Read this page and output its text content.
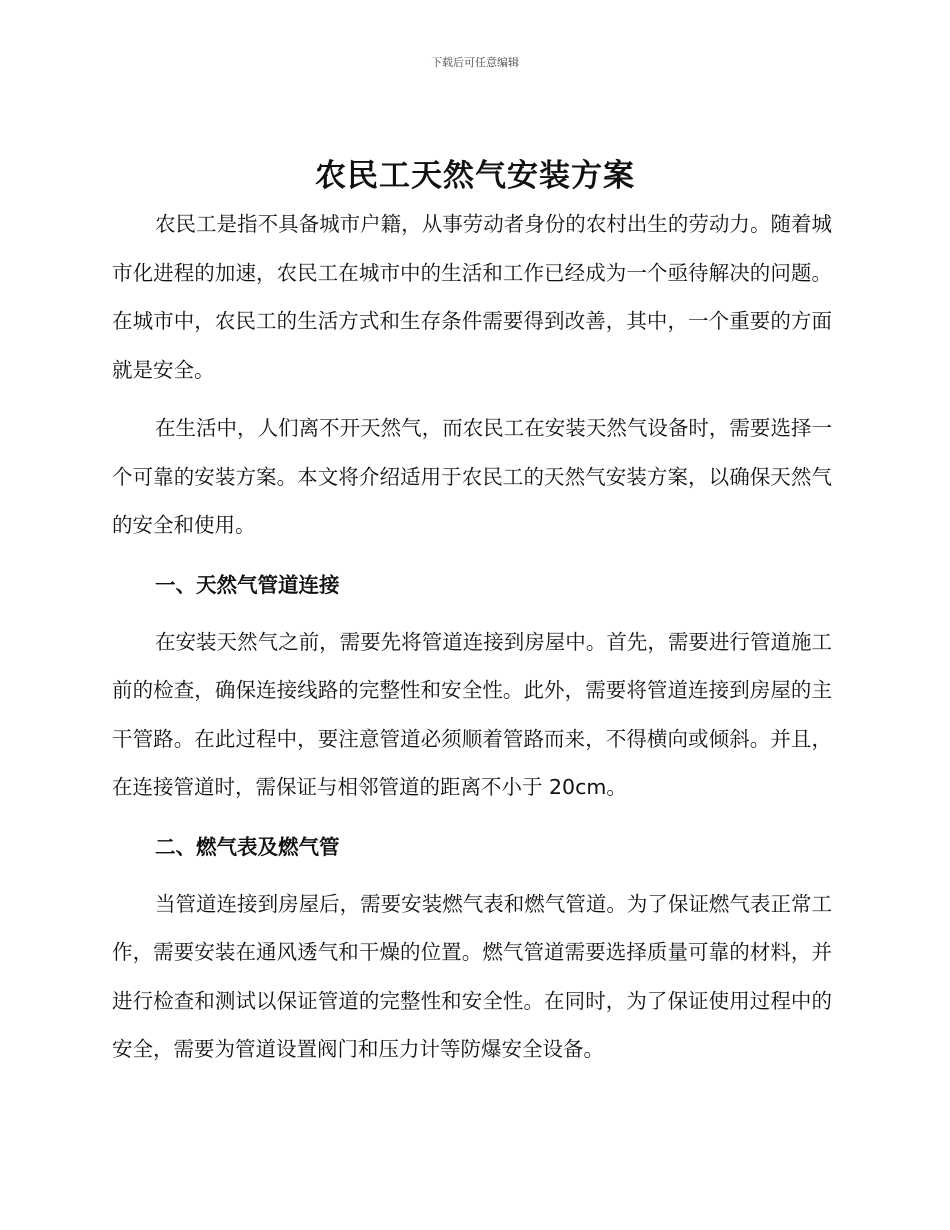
下载后可任意编辑
农民工天然气安装方案

农民工是指不具备城市户籍，从事劳动者身份的农村出生的劳动力。随着城市化进程的加速，农民工在城市中的生活和工作已经成为一个亟待解决的问题。在城市中，农民工的生活方式和生存条件需要得到改善，其中，一个重要的方面就是安全。

在生活中，人们离不开天然气，而农民工在安装天然气设备时，需要选择一个可靠的安装方案。本文将介绍适用于农民工的天然气安装方案，以确保天然气的安全和使用。

一、天然气管道连接

在安装天然气之前，需要先将管道连接到房屋中。首先，需要进行管道施工前的检查，确保连接线路的完整性和安全性。此外，需要将管道连接到房屋的主干管路。在此过程中，要注意管道必须顺着管路而来，不得横向或倾斜。并且，在连接管道时，需保证与相邻管道的距离不小于 20cm。

二、燃气表及燃气管

当管道连接到房屋后，需要安装燃气表和燃气管道。为了保证燃气表正常工作，需要安装在通风透气和干燥的位置。燃气管道需要选择质量可靠的材料，并进行检查和测试以保证管道的完整性和安全性。在同时，为了保证使用过程中的安全，需要为管道设置阀门和压力计等防爆安全设备。
